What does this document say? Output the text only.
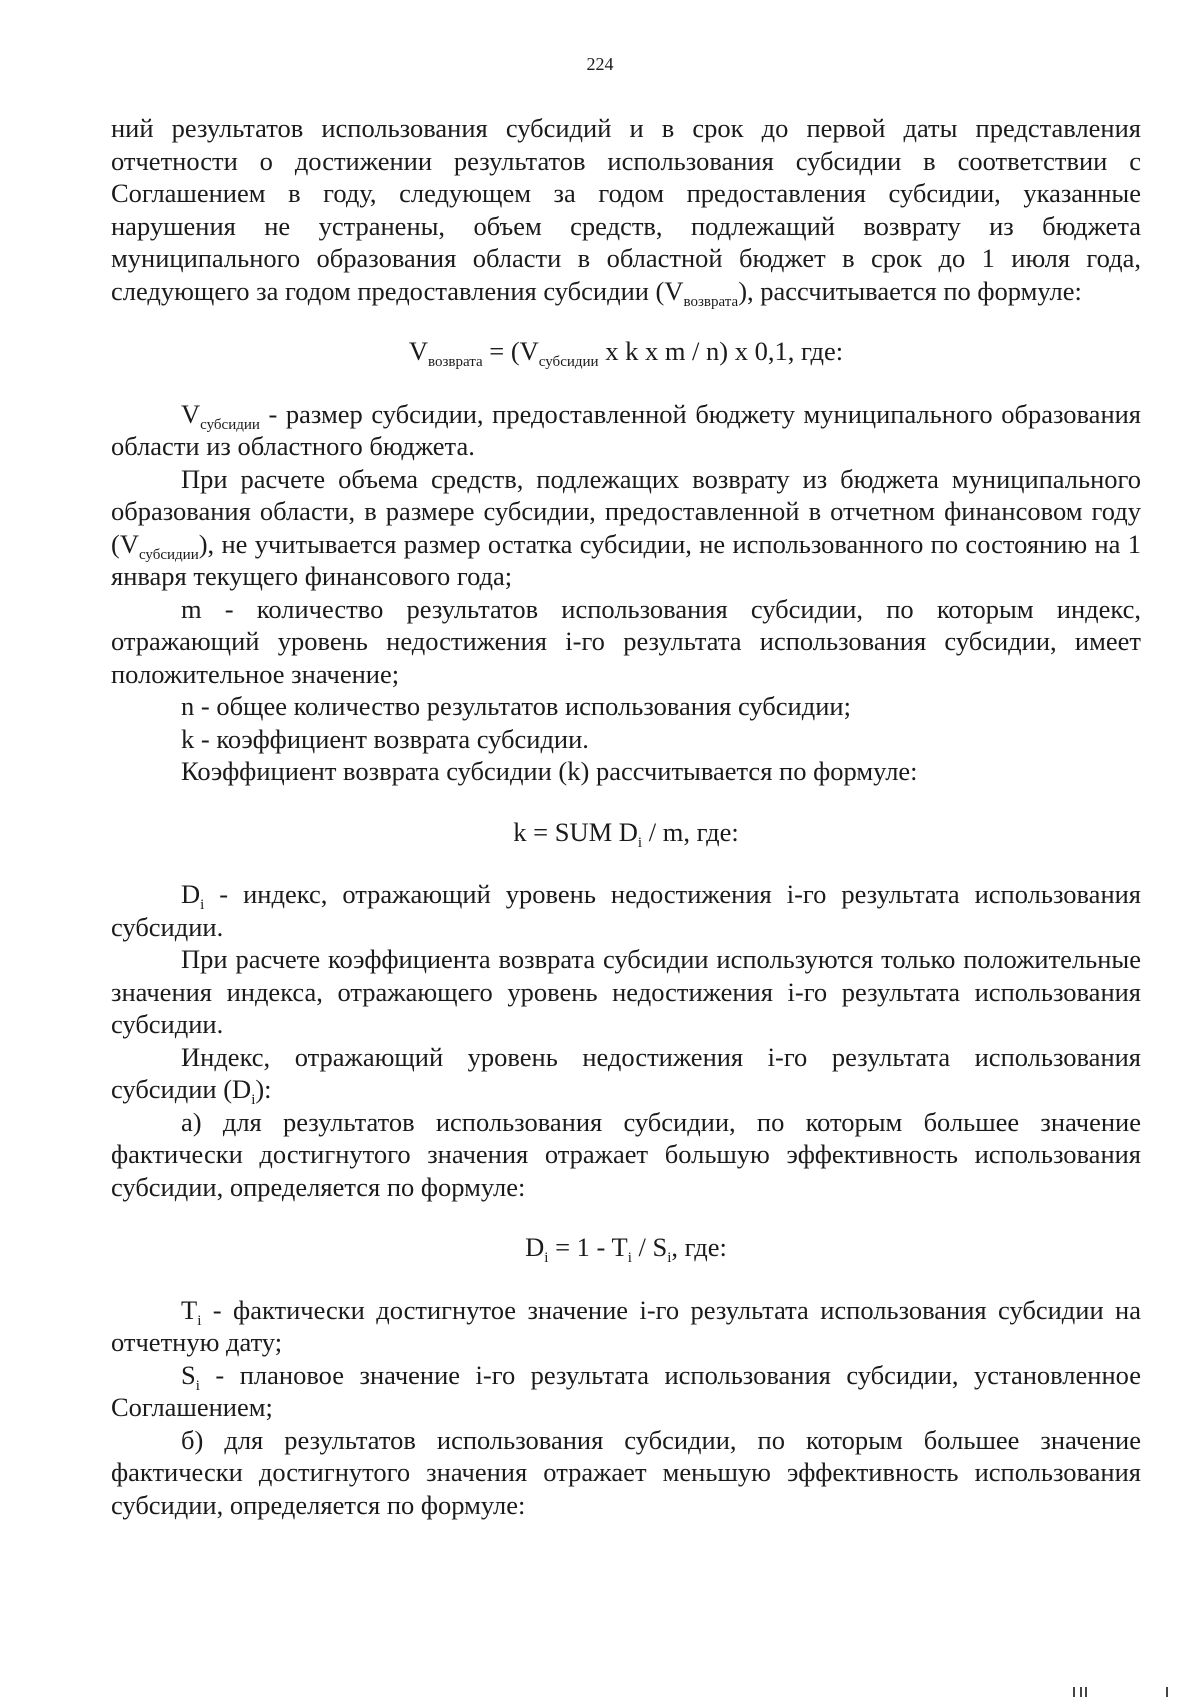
224

ний результатов использования субсидий и в срок до первой даты представления отчетности о достижении результатов использования субсидии в соответствии с Соглашением в году, следующем за годом предоставления субсидии, указанные нарушения не устранены, объем средств, подлежащий возврату из бюджета муниципального образования области в областной бюджет в срок до 1 июля года, следующего за годом предоставления субсидии $(V_{возврата})$, рассчитывается по формуле:

$V_{возврата} = (V_{субсидии}$ x k x m / n) x 0,1, где:

$V_{субсидии}$ - размер субсидии, предоставленной бюджету муниципального образования области из областного бюджета.

При расчете объема средств, подлежащих возврату из бюджета муниципального образования области, в размере субсидии, предоставленной в отчетном финансовом году $(V_{субсидии})$, не учитывается размер остатка субсидии, не использованного по состоянию на 1 января текущего финансового года;

m - количество результатов использования субсидии, по которым индекс, отражающий уровень недостижения i-го результата использования субсидии, имеет положительное значение;

n - общее количество результатов использования субсидии;

k - коэффициент возврата субсидии.

Коэффициент возврата субсидии (k) рассчитывается по формуле:

k = SUM $D_i$ / m, где:

$D_i$ - индекс, отражающий уровень недостижения i-го результата использования субсидии.

При расчете коэффициента возврата субсидии используются только положительные значения индекса, отражающего уровень недостижения i-го результата использования субсидии.

Индекс, отражающий уровень недостижения i-го результата использования субсидии $(D_i)$:

а) для результатов использования субсидии, по которым большее значение фактически достигнутого значения отражает большую эффективность использования субсидии, определяется по формуле:

$D_i = 1 - T_i / S_i$, где:

$T_i$ - фактически достигнутое значение i-го результата использования субсидии на отчетную дату;

$S_i$ - плановое значение i-го результата использования субсидии, установленное Соглашением;

б) для результатов использования субсидии, по которым большее значение фактически достигнутого значения отражает меньшую эффективность использования субсидии, определяется по формуле:
